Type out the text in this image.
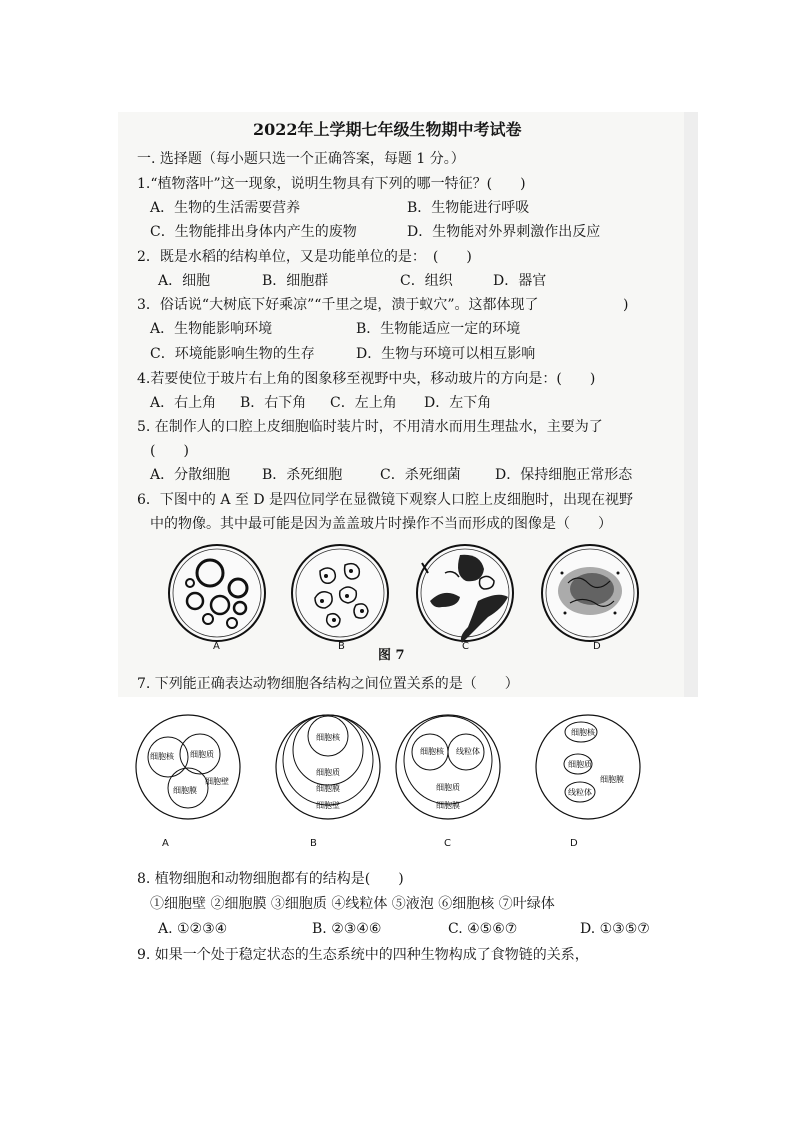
2022年上学期七年级生物期中考试卷
一. 选择题（每小题只选一个正确答案，每题 1 分。）
1.“植物落叶”这一现象，说明生物具有下列的哪一特征？(　　)
A．生物的生活需要营养	B．生物能进行呼吸
C．生物能排出身体内产生的废物	D．生物能对外界刺激作出反应
2．既是水稻的结构单位，又是功能单位的是：　(　　)
A．细胞	B．细胞群	C．组织	D．器官
3．俗话说“大树底下好乘凉”“千里之堤，溃于蚁穴”。这都体现了	)
A．生物能影响环境	B．生物能适应一定的环境
C．环境能影响生物的生存	D．生物与环境可以相互影响
4.若要使位于玻片右上角的图象移至视野中央，移动玻片的方向是：(　　)
A．右上角 B．右下角 C．左上角 D．左下角
5. 在制作人的口腔上皮细胞临时装片时，不用清水而用生理盐水，主要为了
(　　)
A．分散细胞 B．杀死细胞	C．杀死细菌 D．保持细胞正常形态
6．下图中的 A 至 D 是四位同学在显微镜下观察人口腔上皮细胞时，出现在视野
中的物像。其中最可能是因为盖盖玻片时操作不当而形成的图像是（　　）
A	B	C	D
图 7
7. 下列能正确表达动物细胞各结构之间位置关系的是（　　）
细胞核 细胞质
细胞膜
细胞壁
细胞核
细胞质
细胞膜
细胞壁
细胞核 线粒体
细胞质
细胞膜
细胞核
细胞质
线粒体
细胞膜
A	B	C	D
8. 植物细胞和动物细胞都有的结构是(　　)
①细胞壁 ②细胞膜 ③细胞质 ④线粒体 ⑤液泡 ⑥细胞核 ⑦叶绿体
A. ①②③④	B. ②③④⑥	C. ④⑤⑥⑦	D. ①③⑤⑦
9. 如果一个处于稳定状态的生态系统中的四种生物构成了食物链的关系，
